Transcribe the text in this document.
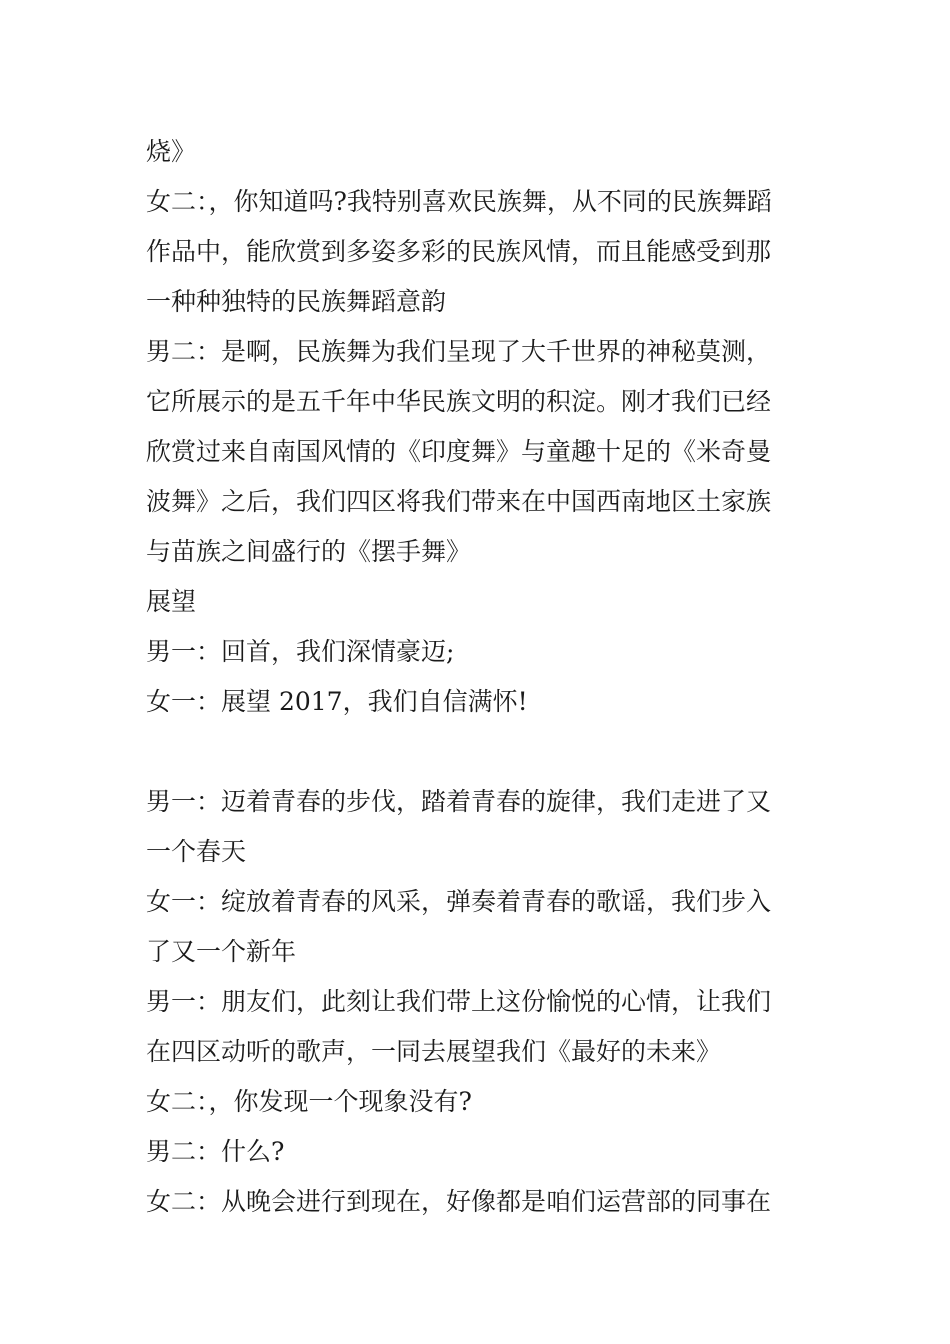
烧》
女二：，你知道吗?我特别喜欢民族舞，从不同的民族舞蹈
作品中，能欣赏到多姿多彩的民族风情，而且能感受到那
一种种独特的民族舞蹈意韵
男二：是啊，民族舞为我们呈现了大千世界的神秘莫测，
它所展示的是五千年中华民族文明的积淀。刚才我们已经
欣赏过来自南国风情的《印度舞》与童趣十足的《米奇曼
波舞》之后，我们四区将我们带来在中国西南地区土家族
与苗族之间盛行的《摆手舞》
展望
男一：回首，我们深情豪迈;
女一：展望 2017，我们自信满怀!
男一：迈着青春的步伐，踏着青春的旋律，我们走进了又
一个春天
女一：绽放着青春的风采，弹奏着青春的歌谣，我们步入
了又一个新年
男一：朋友们，此刻让我们带上这份愉悦的心情，让我们
在四区动听的歌声，一同去展望我们《最好的未来》
女二：，你发现一个现象没有?
男二：什么?
女二：从晚会进行到现在，好像都是咱们运营部的同事在
